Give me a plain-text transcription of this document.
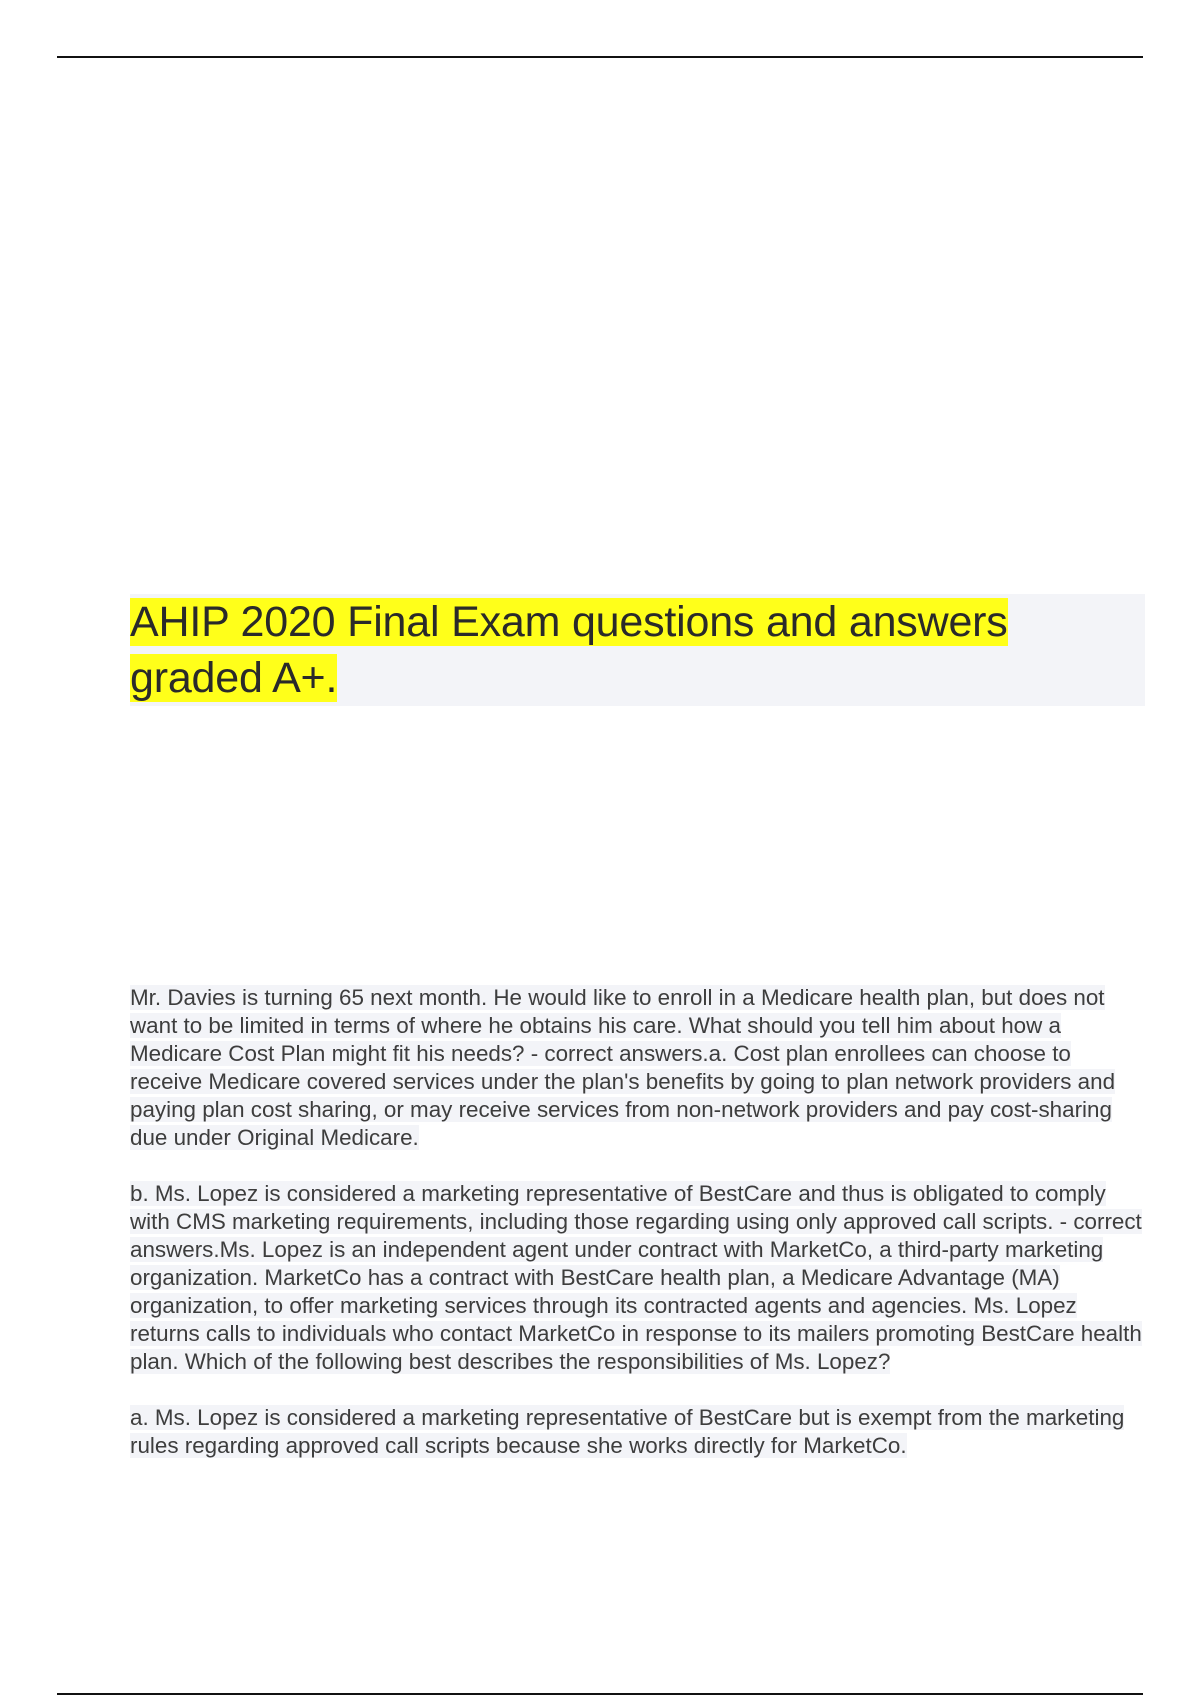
AHIP 2020 Final Exam questions and answers graded A+.

Mr. Davies is turning 65 next month. He would like to enroll in a Medicare health plan, but does not want to be limited in terms of where he obtains his care. What should you tell him about how a Medicare Cost Plan might fit his needs? - correct answers.a. Cost plan enrollees can choose to receive Medicare covered services under the plan's benefits by going to plan network providers and paying plan cost sharing, or may receive services from non-network providers and pay cost-sharing due under Original Medicare.

b. Ms. Lopez is considered a marketing representative of BestCare and thus is obligated to comply with CMS marketing requirements, including those regarding using only approved call scripts. - correct answers.Ms. Lopez is an independent agent under contract with MarketCo, a third-party marketing organization. MarketCo has a contract with BestCare health plan, a Medicare Advantage (MA) organization, to offer marketing services through its contracted agents and agencies. Ms. Lopez returns calls to individuals who contact MarketCo in response to its mailers promoting BestCare health plan. Which of the following best describes the responsibilities of Ms. Lopez?

a. Ms. Lopez is considered a marketing representative of BestCare but is exempt from the marketing rules regarding approved call scripts because she works directly for MarketCo.
